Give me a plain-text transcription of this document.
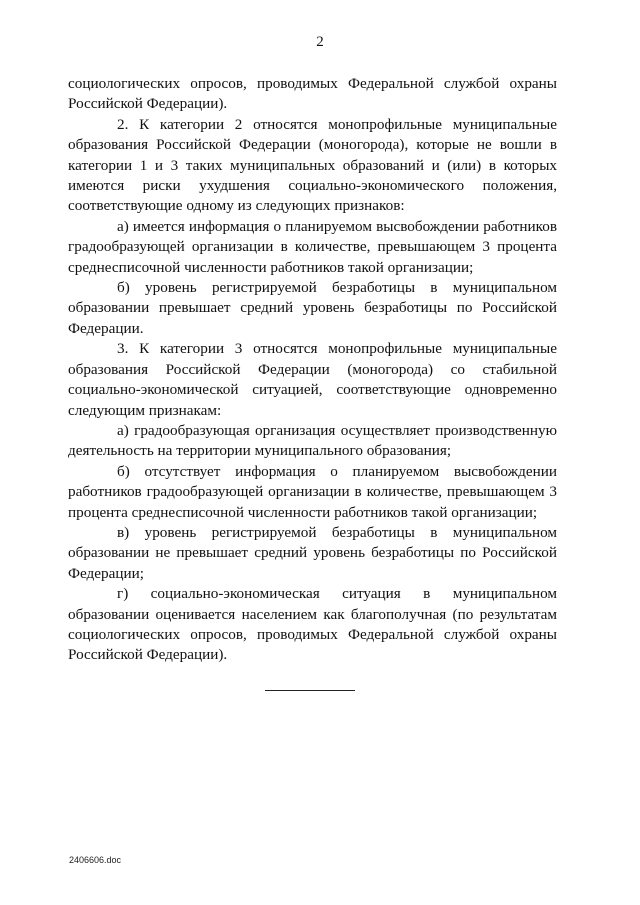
2

социологических опросов, проводимых Федеральной службой охраны Российской Федерации).

2. К категории 2 относятся монопрофильные муниципальные образования Российской Федерации (моногорода), которые не вошли в категории 1 и 3 таких муниципальных образований и (или) в которых имеются риски ухудшения социально-экономического положения, соответствующие одному из следующих признаков:

а) имеется информация о планируемом высвобождении работников градообразующей организации в количестве, превышающем 3 процента среднесписочной численности работников такой организации;

б) уровень регистрируемой безработицы в муниципальном образовании превышает средний уровень безработицы по Российской Федерации.

3. К категории 3 относятся монопрофильные муниципальные образования Российской Федерации (моногорода) со стабильной социально-экономической ситуацией, соответствующие одновременно следующим признакам:

а) градообразующая организация осуществляет производственную деятельность на территории муниципального образования;

б) отсутствует информация о планируемом высвобождении работников градообразующей организации в количестве, превышающем 3 процента среднесписочной численности работников такой организации;

в) уровень регистрируемой безработицы в муниципальном образовании не превышает средний уровень безработицы по Российской Федерации;

г) социально-экономическая ситуация в муниципальном образовании оценивается населением как благополучная (по результатам социологических опросов, проводимых Федеральной службой охраны Российской Федерации).

2406606.doc
